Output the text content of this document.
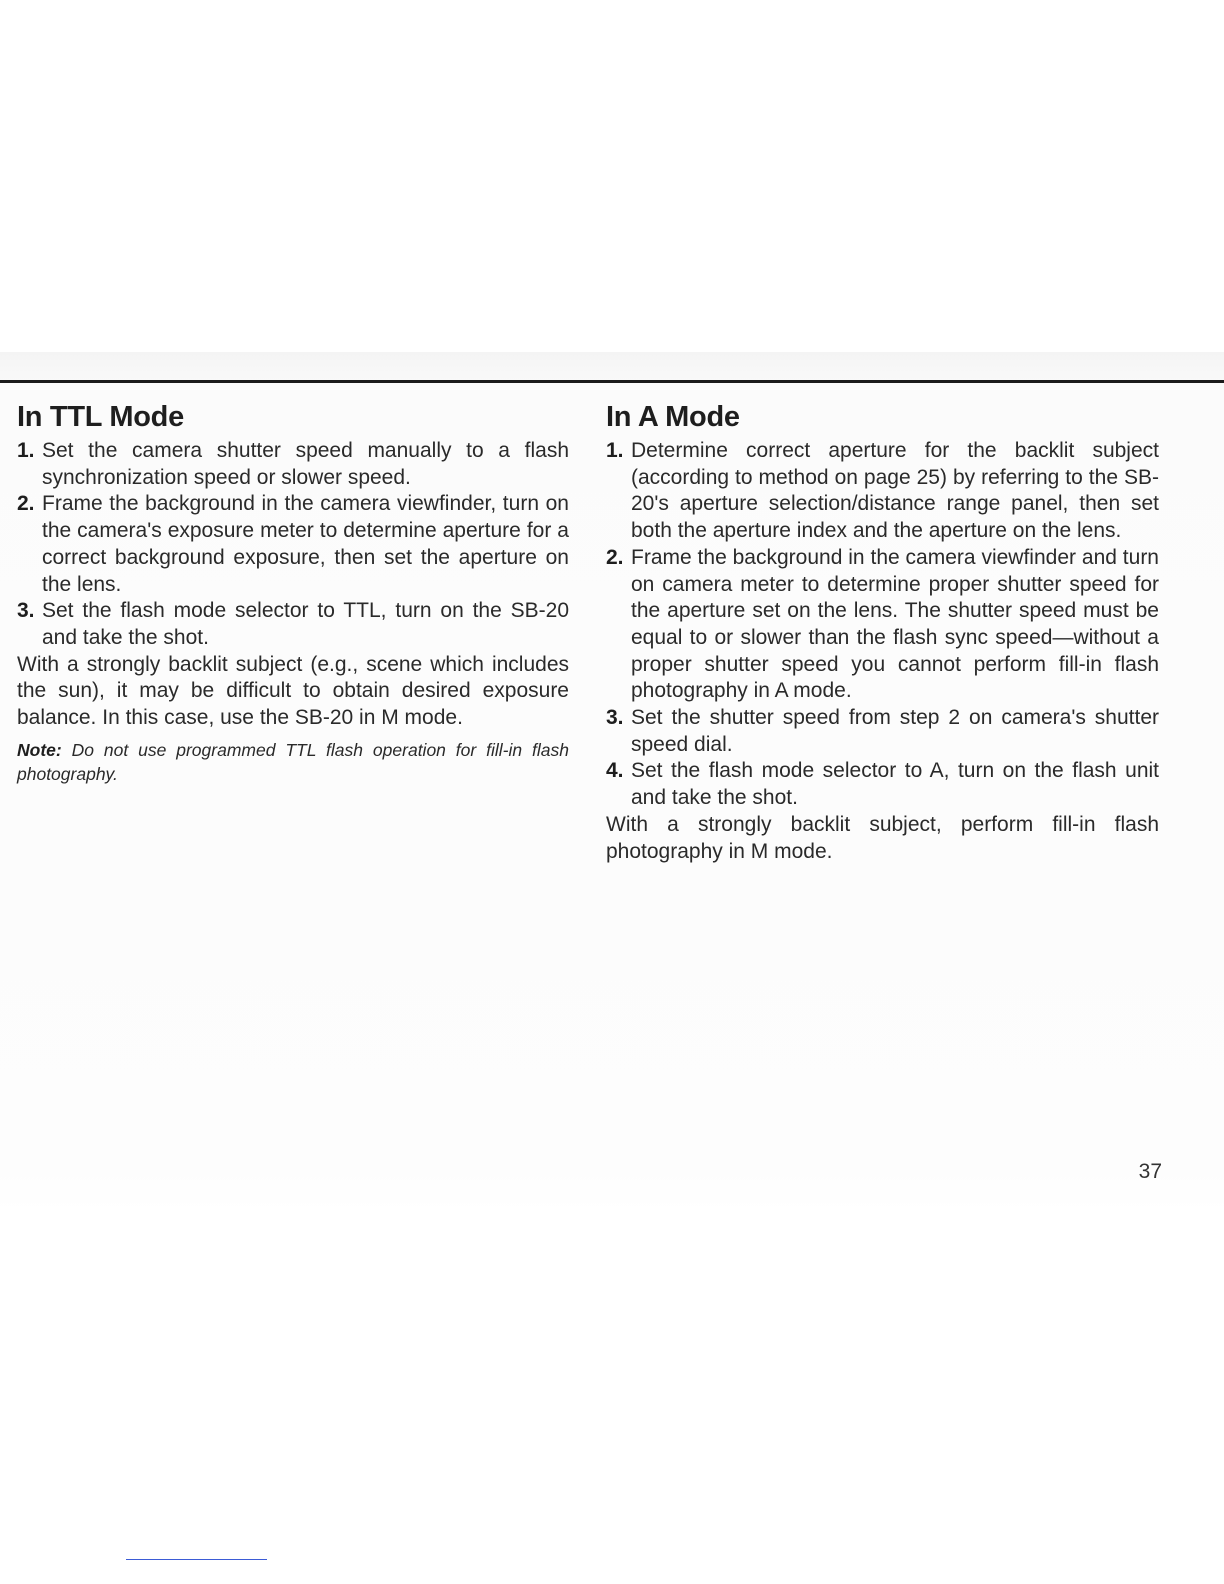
In TTL Mode
1. Set the camera shutter speed manually to a flash synchronization speed or slower speed.
2. Frame the background in the camera viewfinder, turn on the camera's exposure meter to determine aperture for a correct background exposure, then set the aperture on the lens.
3. Set the flash mode selector to TTL, turn on the SB-20 and take the shot.

With a strongly backlit subject (e.g., scene which includes the sun), it may be difficult to obtain desired exposure balance. In this case, use the SB-20 in M mode.

Note: Do not use programmed TTL flash operation for fill-in flash photography.

In A Mode
1. Determine correct aperture for the backlit subject (according to method on page 25) by referring to the SB-20's aperture selection/distance range panel, then set both the aperture index and the aperture on the lens.
2. Frame the background in the camera viewfinder and turn on camera meter to determine proper shutter speed for the aperture set on the lens. The shutter speed must be equal to or slower than the flash sync speed—without a proper shutter speed you cannot perform fill-in flash photography in A mode.
3. Set the shutter speed from step 2 on camera's shutter speed dial.
4. Set the flash mode selector to A, turn on the flash unit and take the shot.

With a strongly backlit subject, perform fill-in flash photography in M mode.

37
